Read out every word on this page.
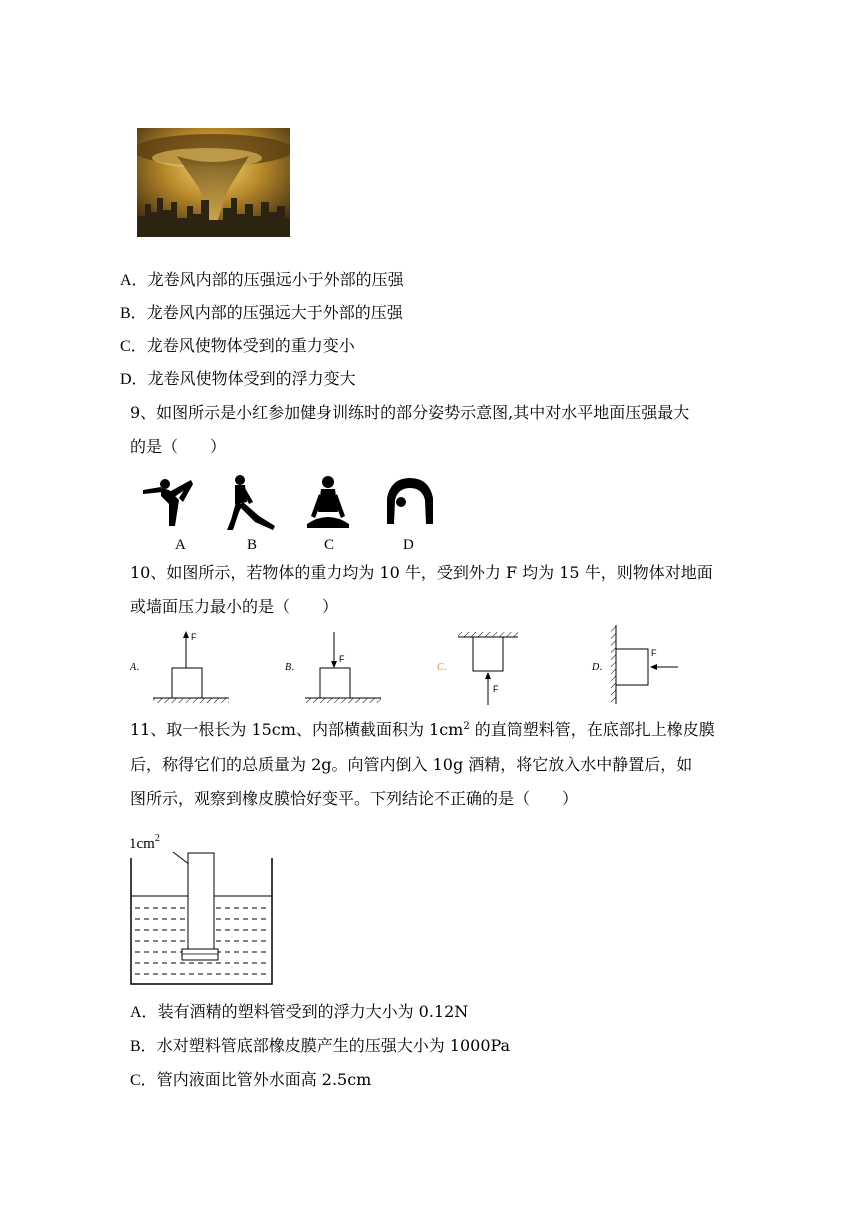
A．龙卷风内部的压强远小于外部的压强
B．龙卷风内部的压强远大于外部的压强
C．龙卷风使物体受到的重力变小
D．龙卷风使物体受到的浮力变大
9、如图所示是小红参加健身训练时的部分姿势示意图,其中对水平地面压强最大
的是（　　）
A	B	C	D
10、如图所示，若物体的重力均为 10 牛，受到外力 F 均为 15 牛，则物体对地面
或墙面压力最小的是（　　）
A．
F
B．
F
C．
F
D．
F
11、取一根长为 15cm、内部横截面积为 $1cm^2$ 的直筒塑料管，在底部扎上橡皮膜
后，称得它们的总质量为 2g。向管内倒入 10g 酒精，将它放入水中静置后，如
图所示，观察到橡皮膜恰好变平。下列结论不正确的是（　　）
$1cm^2$
A．装有酒精的塑料管受到的浮力大小为 0.12N
B．水对塑料管底部橡皮膜产生的压强大小为 1000Pa
C．管内液面比管外水面高 2.5cm
